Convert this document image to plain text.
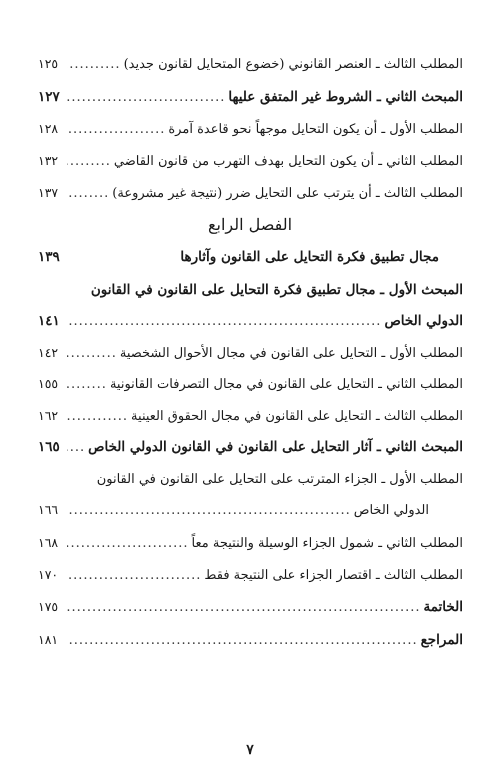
المطلب الثالث ـ العنصر القانوني (خضوع المتحايل لقانون جديد)
.....
١٢٥
المبحث الثاني ـ الشروط غير المتفق عليها
.....
١٢٧
المطلب الأول ـ أن يكون التحايل موجهاً نحو قاعدة آمرة
.....
١٢٨
المطلب الثاني ـ أن يكون التحايل بهدف التهرب من قانون القاضي
.....
١٣٢
المطلب الثالث ـ أن يترتب على التحايل ضرر (نتيجة غير مشروعة)
.....
١٣٧
الفصل الرابع
مجال تطبيق فكرة التحايل على القانون وآثارها
١٣٩
المبحث الأول ـ مجال تطبيق فكرة التحايل على القانون في القانون
الدولي الخاص
.....
١٤١
المطلب الأول ـ التحايل على القانون في مجال الأحوال الشخصية
.....
١٤٢
المطلب الثاني ـ التحايل على القانون في مجال التصرفات القانونية
.....
١٥٥
المطلب الثالث ـ التحايل على القانون في مجال الحقوق العينية
.....
١٦٢
المبحث الثاني ـ آثار التحايل على القانون في القانون الدولي الخاص
.....
١٦٥
المطلب الأول ـ الجزاء المترتب على التحايل على القانون في القانون
الدولي الخاص
.....
١٦٦
المطلب الثاني ـ شمول الجزاء الوسيلة والنتيجة معاً
.....
١٦٨
المطلب الثالث ـ اقتصار الجزاء على النتيجة فقط
.....
١٧٠
الخاتمة
.....
١٧٥
المراجع
.....
١٨١
٧
